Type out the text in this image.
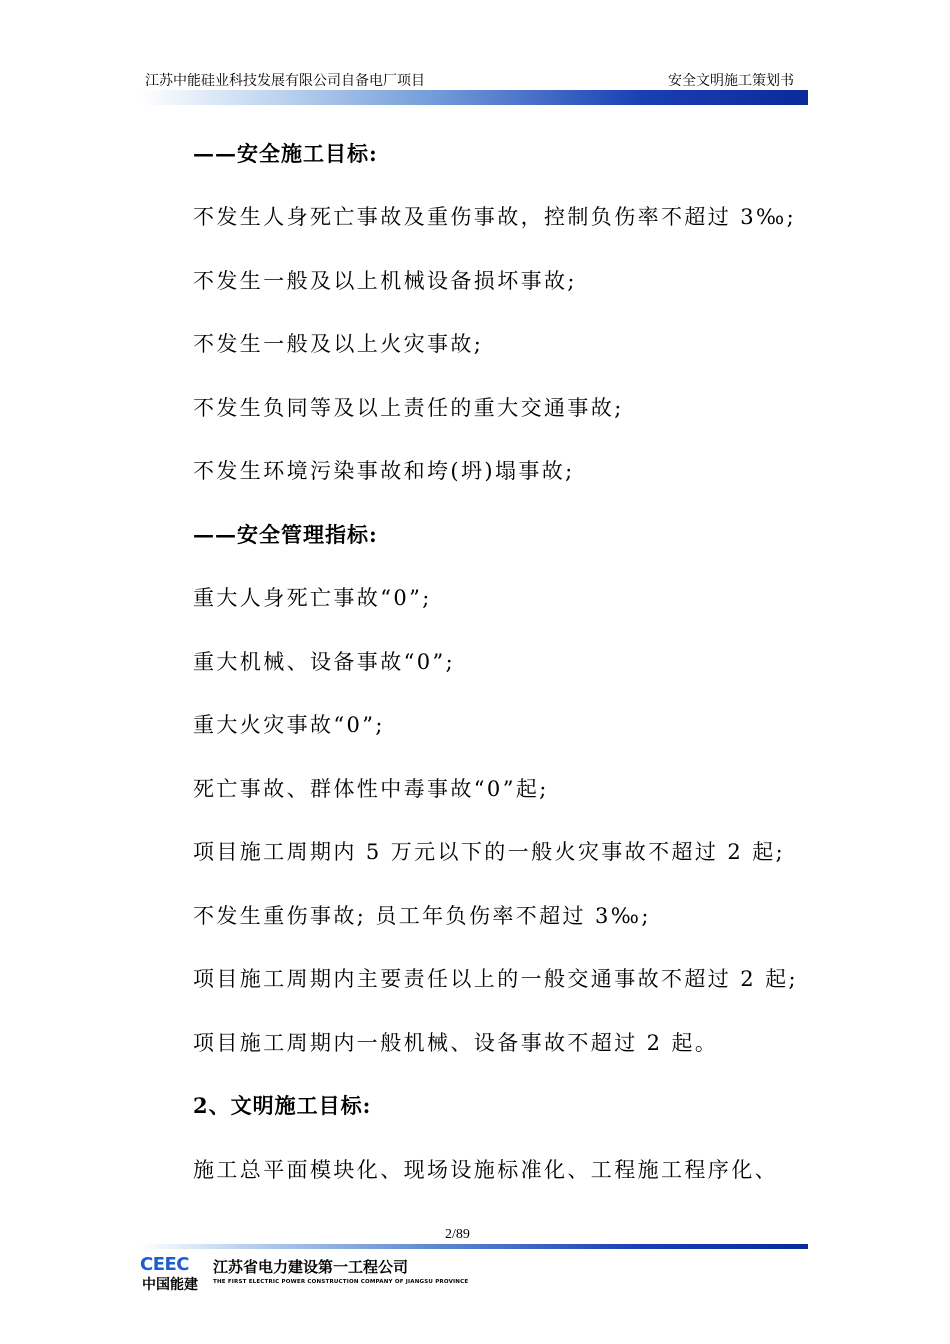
江苏中能硅业科技发展有限公司自备电厂项目	安全文明施工策划书
——安全施工目标:
不发生人身死亡事故及重伤事故，控制负伤率不超过 3‰;
不发生一般及以上机械设备损坏事故;
不发生一般及以上火灾事故;
不发生负同等及以上责任的重大交通事故;
不发生环境污染事故和垮(坍)塌事故;
——安全管理指标:
重大人身死亡事故“0”;
重大机械、设备事故“0”;
重大火灾事故“0”;
死亡事故、群体性中毒事故“0”起;
项目施工周期内 5 万元以下的一般火灾事故不超过 2 起;
不发生重伤事故; 员工年负伤率不超过 3‰;
项目施工周期内主要责任以上的一般交通事故不超过 2 起;
项目施工周期内一般机械、设备事故不超过 2 起。
2、文明施工目标:
施工总平面模块化、现场设施标准化、工程施工程序化、
2/89
CEEC
中国能建
江苏省电力建设第一工程公司
THE FIRST ELECTRIC POWER CONSTRUCTION COMPANY OF JIANGSU PROVINCE
